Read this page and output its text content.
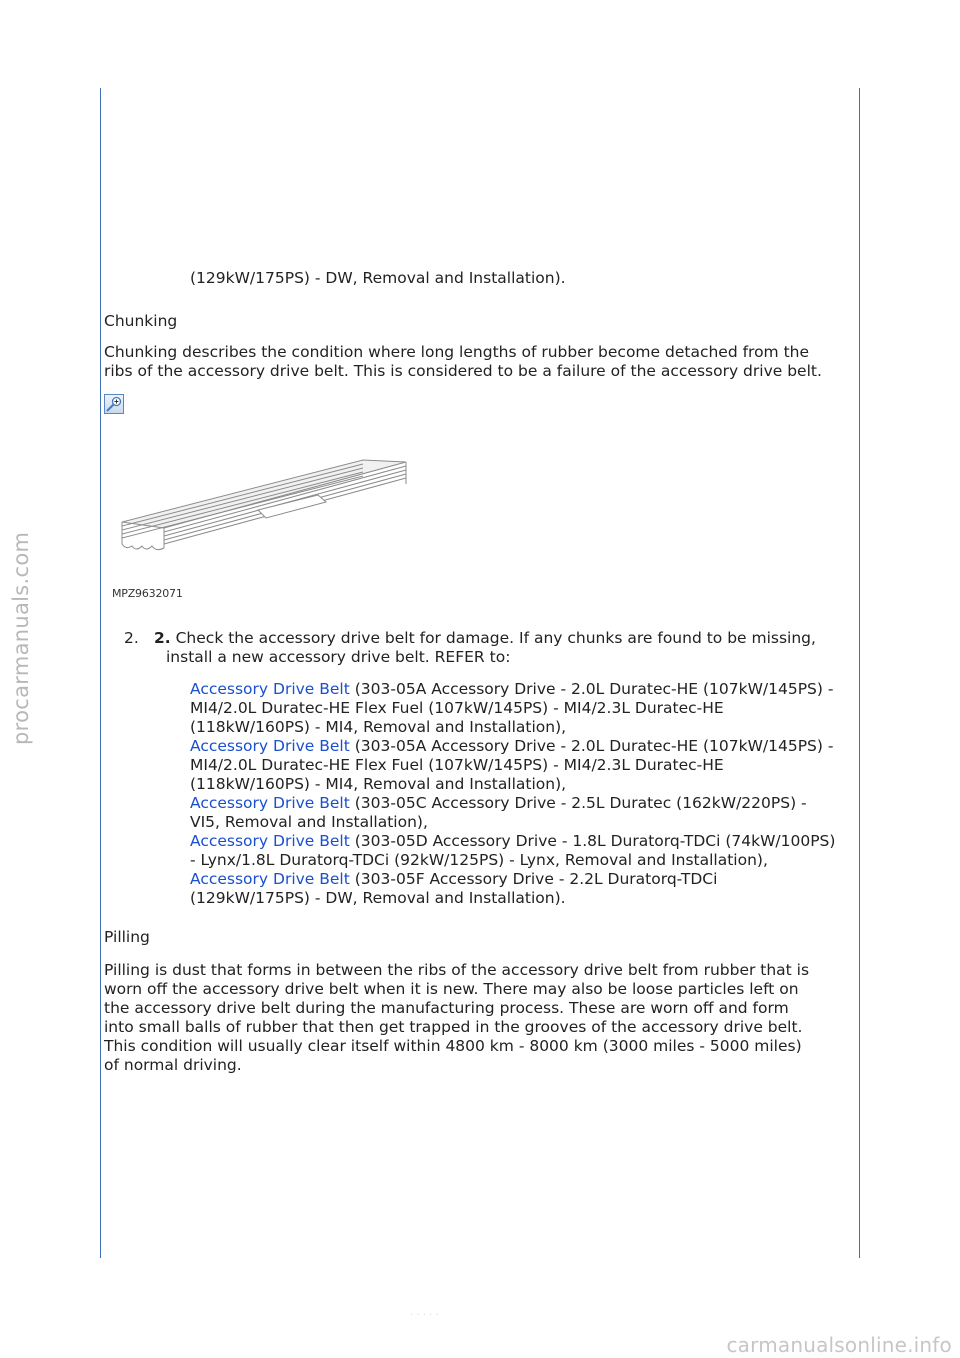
procarmanuals.com

(129kW/175PS) - DW, Removal and Installation).

Chunking

Chunking describes the condition where long lengths of rubber become detached from the

ribs of the accessory drive belt. This is considered to be a failure of the accessory drive belt.

2. 2. Check the accessory drive belt for damage. If any chunks are found to be missing,

install a new accessory drive belt. REFER to:

Accessory Drive Belt (303-05A Accessory Drive - 2.0L Duratec-HE (107kW/145PS) -

MI4/2.0L Duratec-HE Flex Fuel (107kW/145PS) - MI4/2.3L Duratec-HE

(118kW/160PS) - MI4, Removal and Installation),

Accessory Drive Belt (303-05A Accessory Drive - 2.0L Duratec-HE (107kW/145PS) -

MI4/2.0L Duratec-HE Flex Fuel (107kW/145PS) - MI4/2.3L Duratec-HE

(118kW/160PS) - MI4, Removal and Installation),

Accessory Drive Belt (303-05C Accessory Drive - 2.5L Duratec (162kW/220PS) -

VI5, Removal and Installation),

Accessory Drive Belt (303-05D Accessory Drive - 1.8L Duratorq-TDCi (74kW/100PS)

- Lynx/1.8L Duratorq-TDCi (92kW/125PS) - Lynx, Removal and Installation),

Accessory Drive Belt (303-05F Accessory Drive - 2.2L Duratorq-TDCi

(129kW/175PS) - DW, Removal and Installation).

Pilling

Pilling is dust that forms in between the ribs of the accessory drive belt from rubber that is

worn off the accessory drive belt when it is new. There may also be loose particles left on

the accessory drive belt during the manufacturing process. These are worn off and form

into small balls of rubber that then get trapped in the grooves of the accessory drive belt.

This condition will usually clear itself within 4800 km - 8000 km (3000 miles - 5000 miles)

of normal driving.

MPZ9632071
· · · · ·
carmanualsonline.info
